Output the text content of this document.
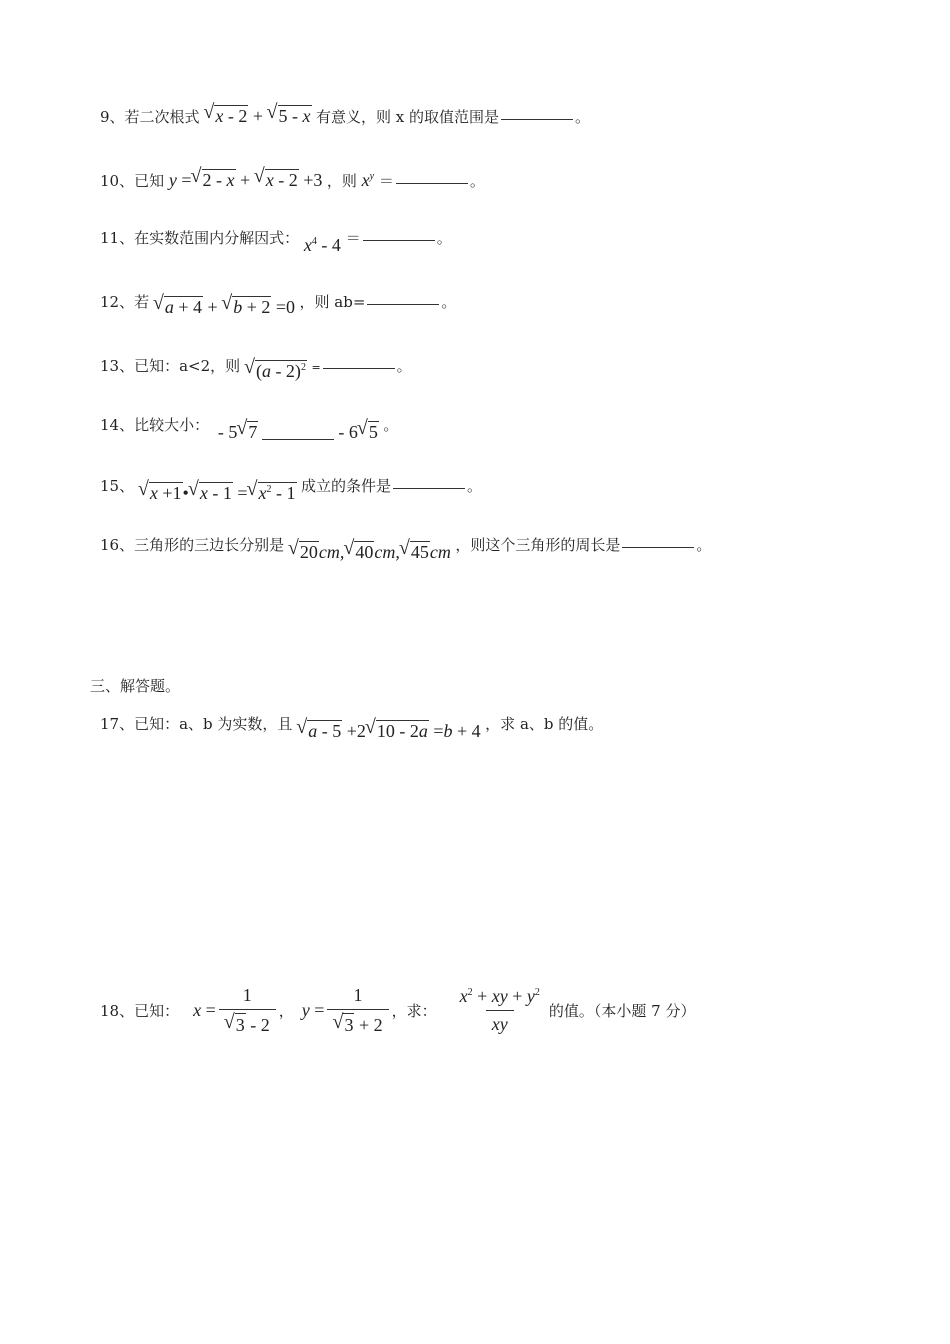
9、若二次根式 √ x - 2 + √ 5 - x 有意义，则 x 的取值范围是	。
10、已知 y = √ 2 - x + √ x - 2 +3 ，则 $x^y$ ＝	。
11、在实数范围内分解因式： $x^4 - 4$ ＝	。
12、若 √ a + 4 + √ b + 2 =0 ，则 ab=	。
13、已知：a<2，则 √ (a - 2)$^2$ =	。
14、比较大小： - 5 √ 7	- 6 √ 5 。
15、 √ x +1• √ x - 1 = √ $x^2 - 1$ 成立的条件是	。
16、三角形的三边长分别是 √ 20cm, √ 40cm, √ 45cm ，则这个三角形的周长是	。
三、解答题。
17、已知：a、b 为实数，且 √ a - 5 +2 √ 10 - 2a =b + 4 ，求 a、b 的值。
18、 已知： x = 1
√ 3 - 2 ， y = 1
√ 3 + 2 ，求： $\frac{x^2 + xy + y^2}{xy}$ 的值。（本小题 7 分）
